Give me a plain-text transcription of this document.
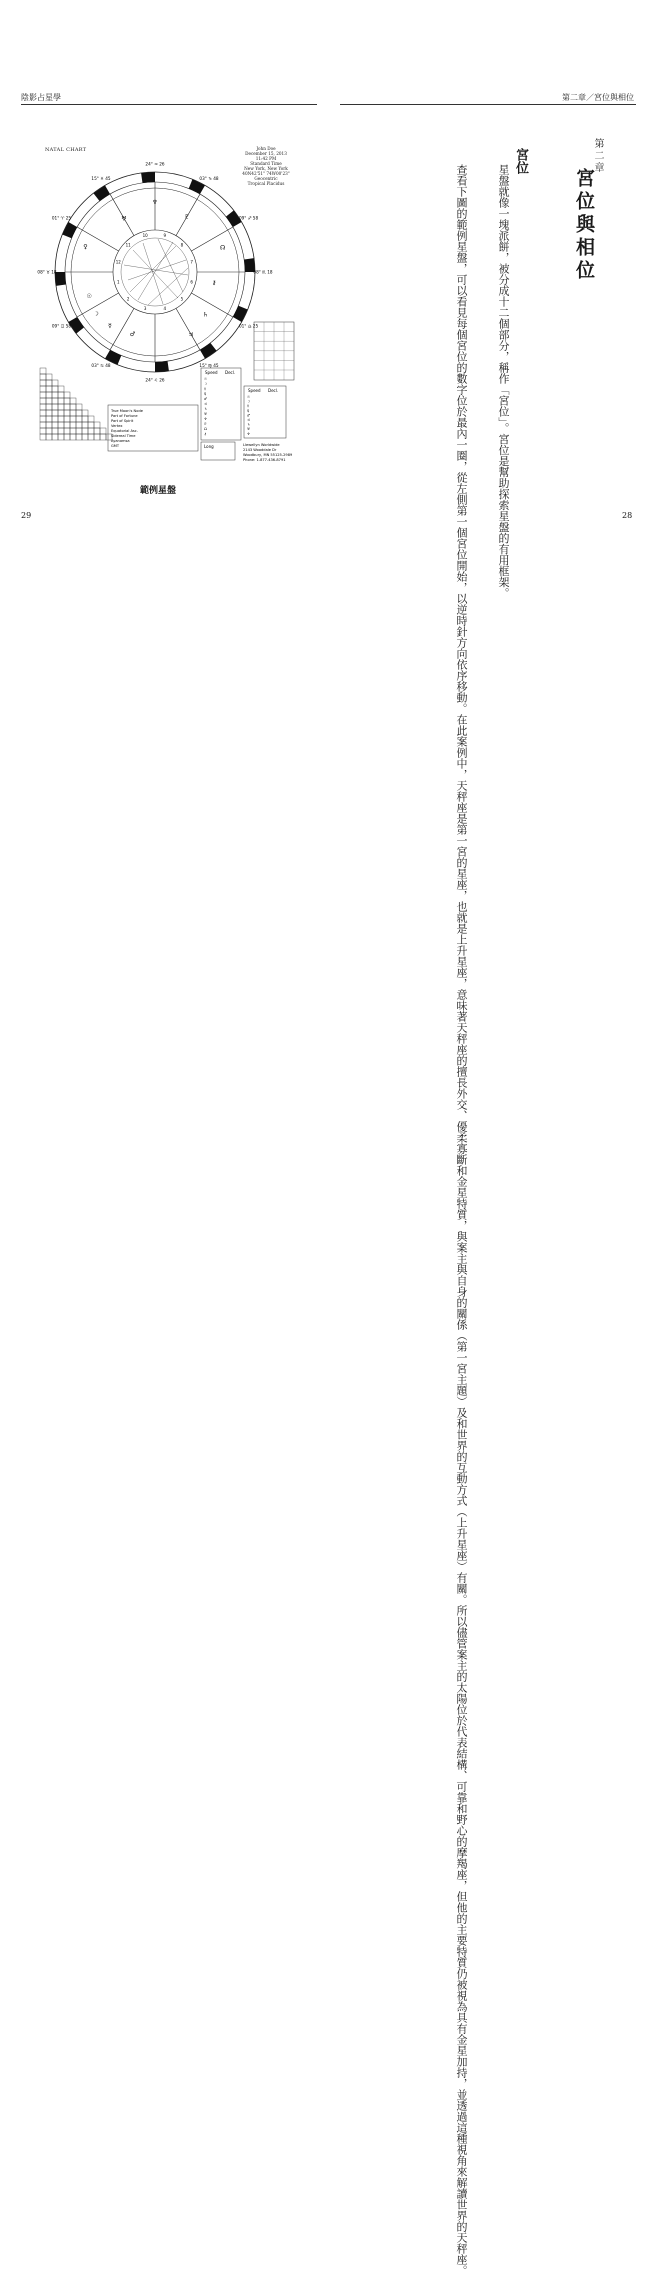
陰影占星學
NATAL CHART	John Doe
December 15, 2013
11:42 PM
Standard Time
New York, New York
40N42'51" 74W00'23"
Geocentric
Tropical Placidus
1
2
3	4
5
6
7
8
9
10
11
12
08° ♉ 18
09° ♊ 58
03° ♋ 48
24° ♌ 26
15° ♍ 45
01° ♎ 25
08° ♏ 18
09° ♐ 58
03° ♑ 48
24° ♒ 26
15° ♓ 45
01° ♈ 25
☉
☽
☿
♀
♂	♃
♄
♅
♆
♇
☊
⚷
True Moon's Node
Part of Fortune
Part of Spirit
Vertex
Equatorial Asc.
Sidereal Time
Ayanamsa
GMT
Speed Decl.
☉
☽
☿
♀
♂
♃
♄
♅
♆
♇
☊
⚷
Speed Decl.
☉
☽
☿
♀
♂
♃
♄
♅
♆
Long	Llewellyn Worldwide
2143 Wooddale Dr
Woodbury, MN 55125-2989
Phone: 1-877-436-8791
範例星盤
29
第二章／宮位與相位
第二章
宮位與相位
宮位
星盤就像一塊派餅，被分成十二個部分，稱作「宮位」。宮位是幫助探索星盤的有用框架。
查看下圖的範例星盤，可以看見每個宮位的數字位於最內一圈，從左側第一個宮位開始，以逆時針方向依序移動。在此案例中，天秤座是第一宮的星座，也就是上升星座，意味著天秤座的擅長外交、優柔寡斷和金星特質，與案主與自身的關係（第一宮主題）及和世界的互動方式（上升星座）有關。所以儘管案主的太陽位於代表結構、可靠和野心的摩羯座，但他的主要特質仍被視為具有金星加持，並透過這種視角來解讀世界的天秤座。	28
